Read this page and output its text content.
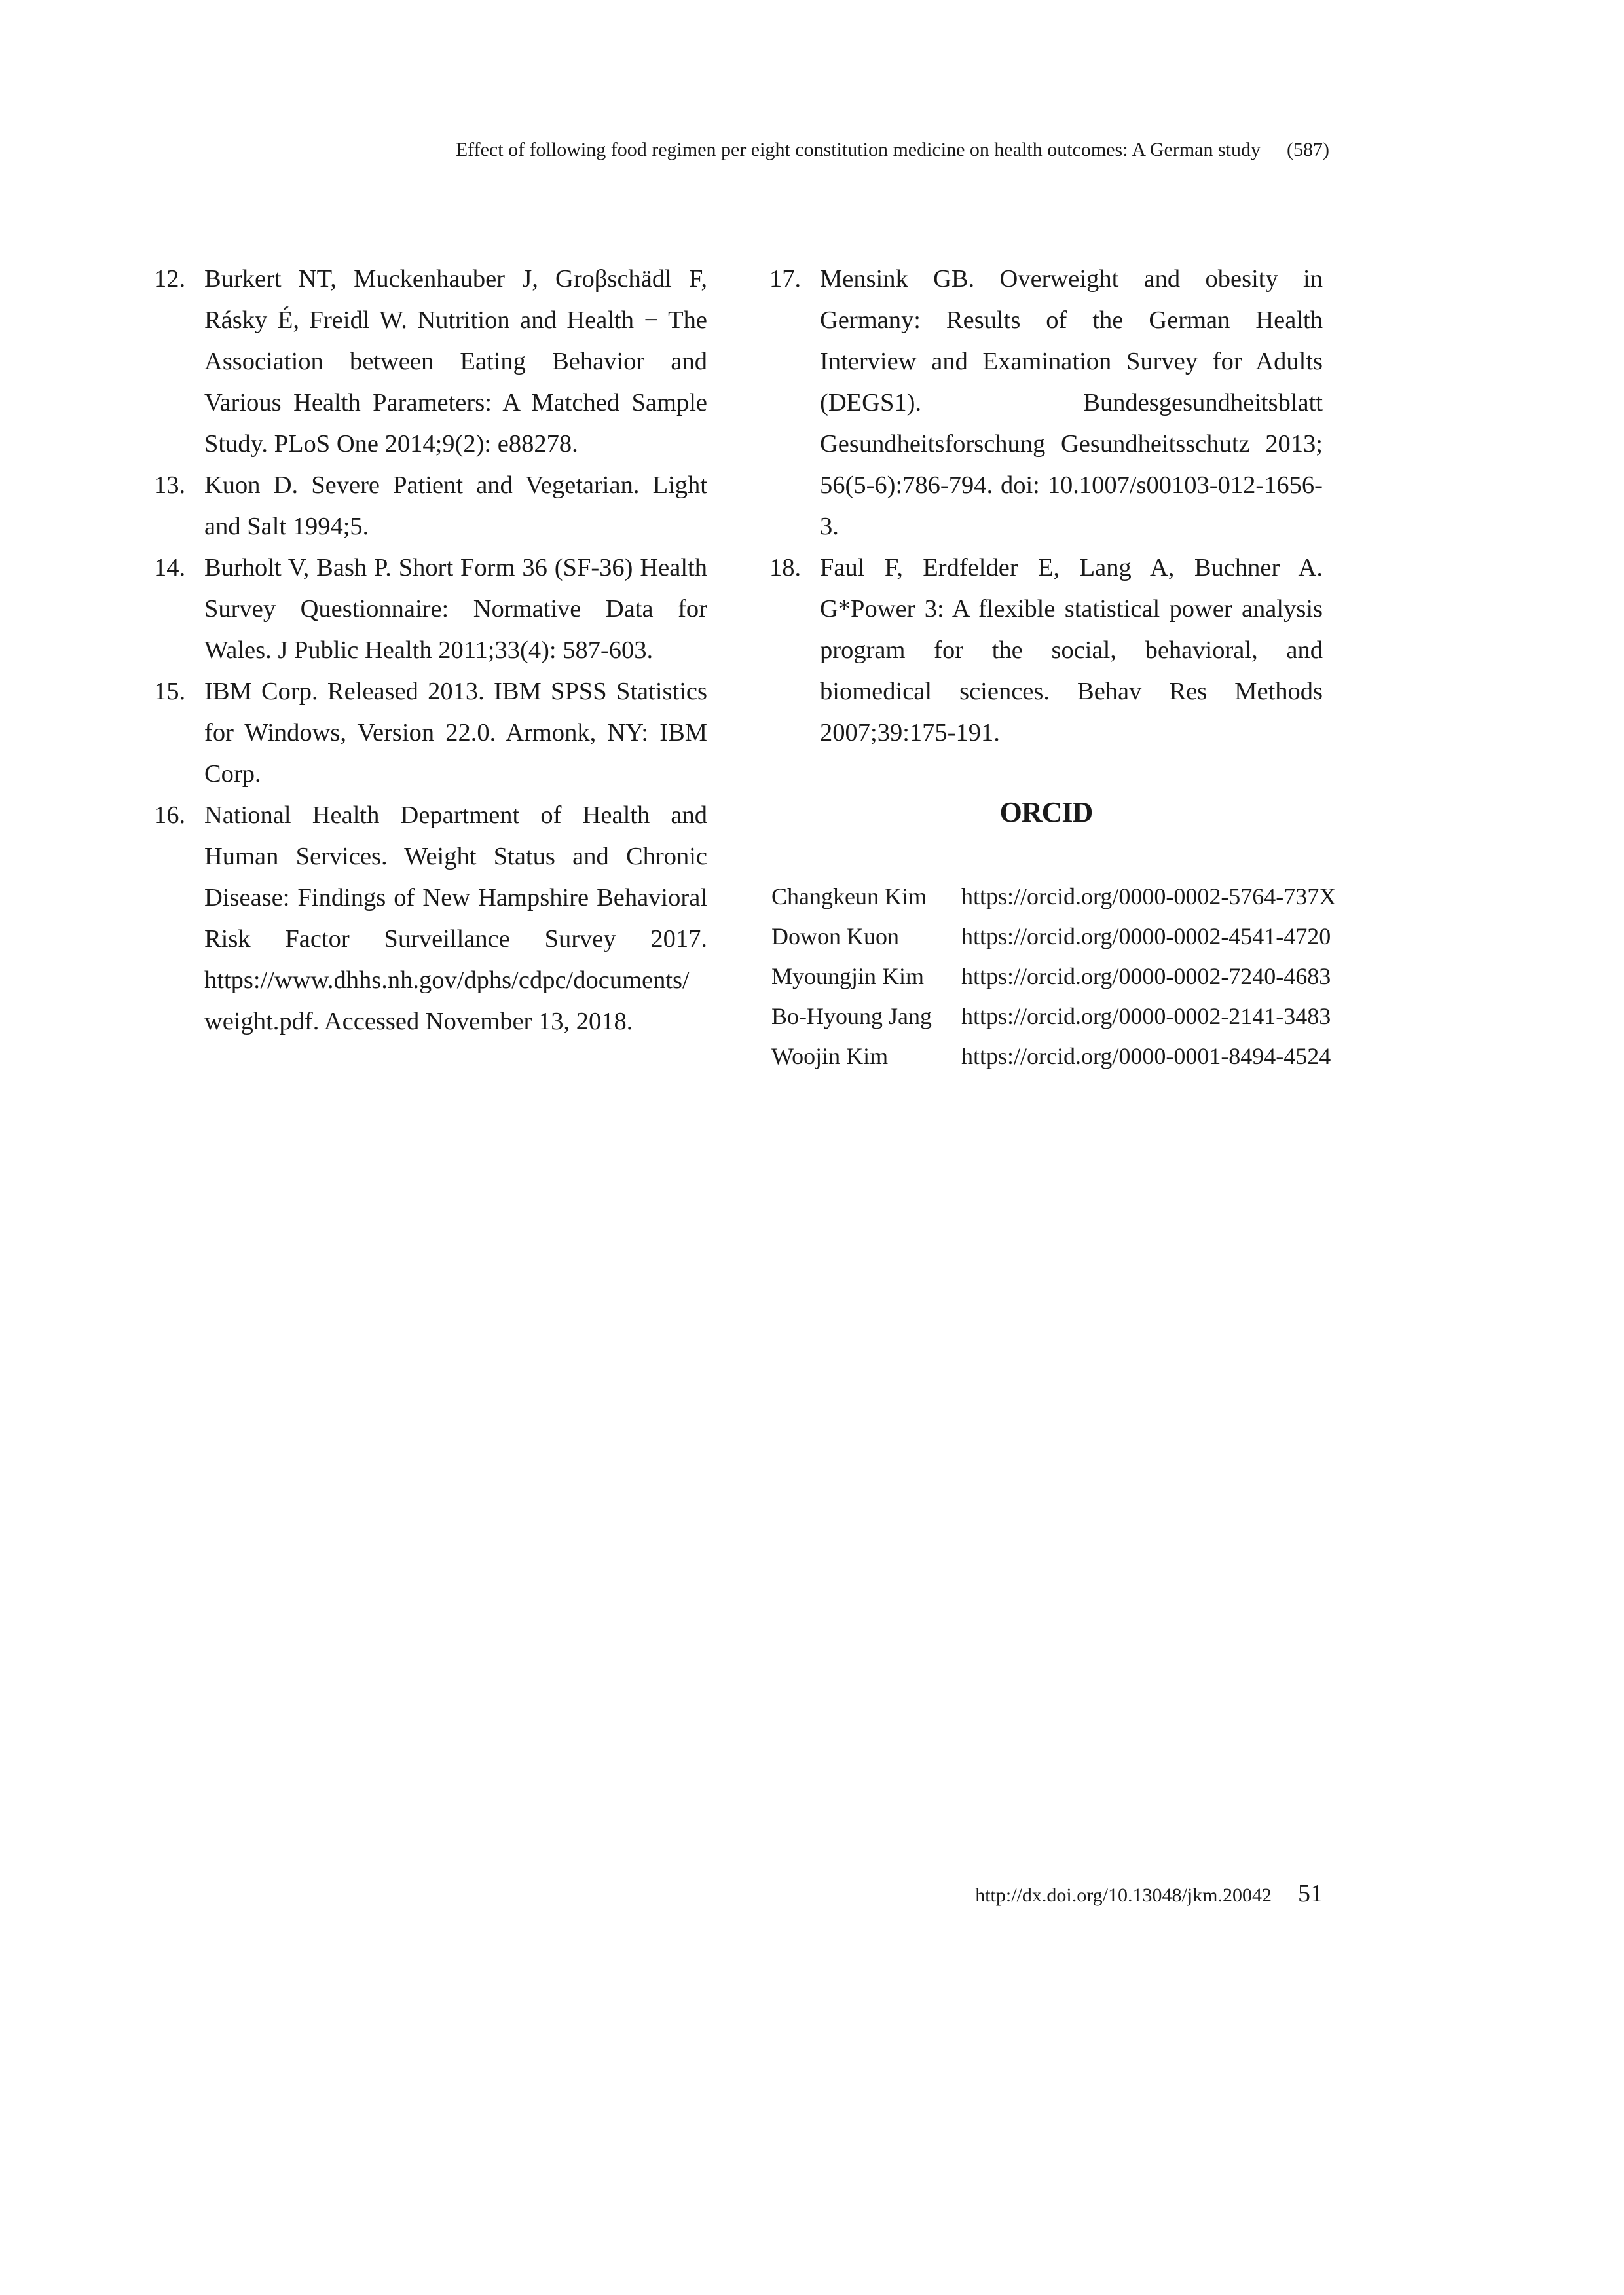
Effect of following food regimen per eight constitution medicine on health outcomes: A German study (587)
12. Burkert NT, Muckenhauber J, Groβschädl F, Rásky É, Freidl W. Nutrition and Health − The Association between Eating Behavior and Various Health Parameters: A Matched Sample Study. PLoS One 2014;9(2): e88278.
13. Kuon D. Severe Patient and Vegetarian. Light and Salt 1994;5.
14. Burholt V, Bash P. Short Form 36 (SF-36) Health Survey Questionnaire: Normative Data for Wales. J Public Health 2011;33(4): 587-603.
15. IBM Corp. Released 2013. IBM SPSS Statistics for Windows, Version 22.0. Armonk, NY: IBM Corp.
16. National Health Department of Health and Human Services. Weight Status and Chronic Disease: Findings of New Hampshire Behavioral Risk Factor Surveillance Survey 2017. https://www.dhhs.nh.gov/dphs/cdpc/documents/weight.pdf. Accessed November 13, 2018.
17. Mensink GB. Overweight and obesity in Germany: Results of the German Health Interview and Examination Survey for Adults (DEGS1). Bundesgesundheitsblatt Gesundheitsforschung Gesundheitsschutz 2013; 56(5-6):786-794. doi: 10.1007/s00103-012-1656-3.
18. Faul F, Erdfelder E, Lang A, Buchner A. G*Power 3: A flexible statistical power analysis program for the social, behavioral, and biomedical sciences. Behav Res Methods 2007;39:175-191.
ORCID
Changkeun Kim	https://orcid.org/0000-0002-5764-737X
Dowon Kuon	https://orcid.org/0000-0002-4541-4720
Myoungjin Kim	https://orcid.org/0000-0002-7240-4683
Bo-Hyoung Jang	https://orcid.org/0000-0002-2141-3483
Woojin Kim	https://orcid.org/0000-0001-8494-4524
http://dx.doi.org/10.13048/jkm.20042 51
